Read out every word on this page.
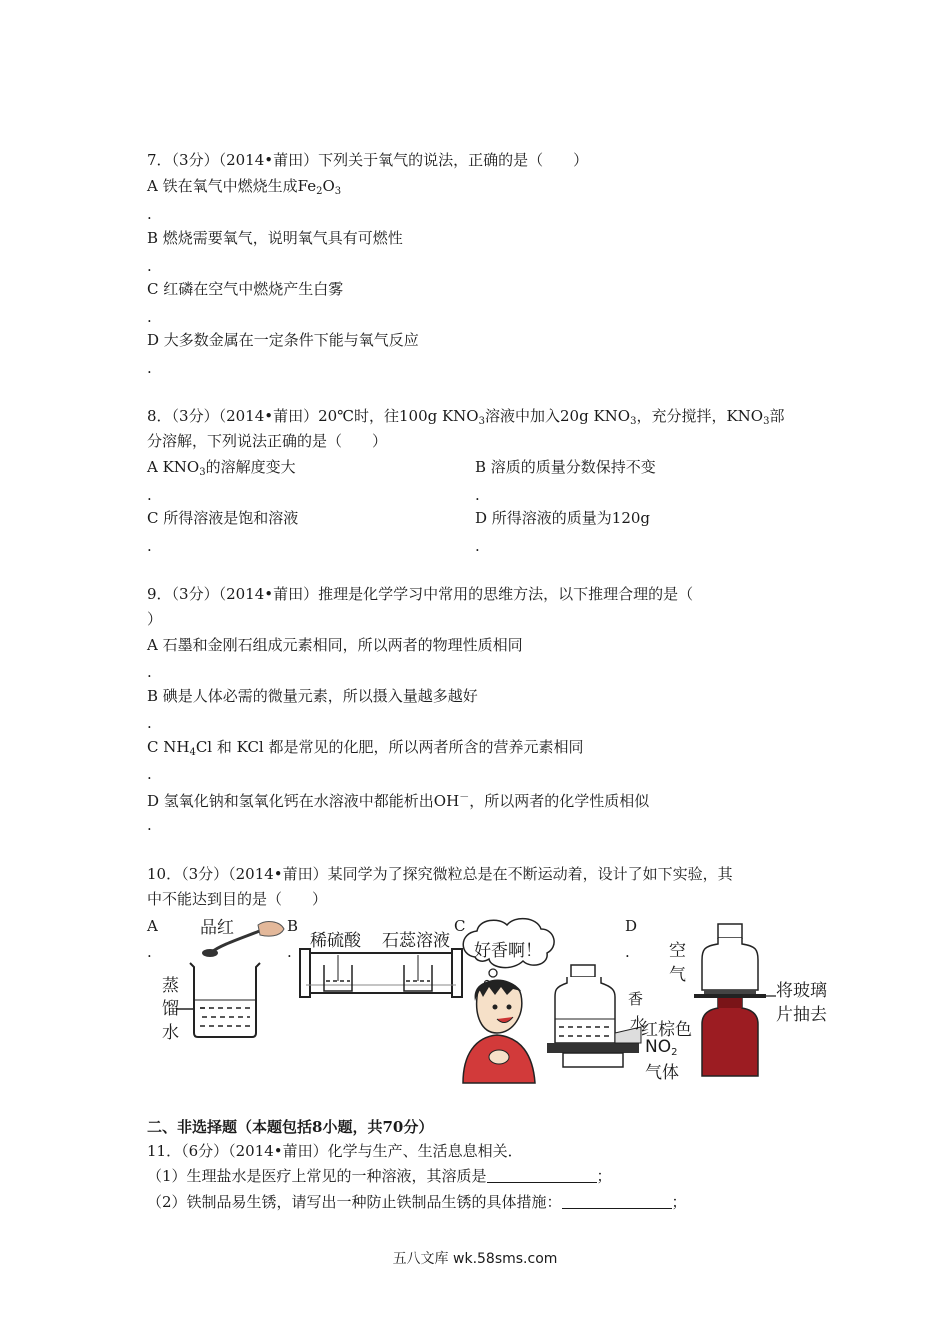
7．（3分）（2014•莆田）下列关于氧气的说法，正确的是（　　）
A 铁在氧气中燃烧生成$Fe_2O_3$
.
B 燃烧需要氧气，说明氧气具有可燃性
.
C 红磷在空气中燃烧产生白雾
.
D 大多数金属在一定条件下能与氧气反应
.
8．（3分）（2014•莆田）20℃时，往100g $KNO_3$溶液中加入20g $KNO_3$，充分搅拌，$KNO_3$部
分溶解，下列说法正确的是（　　）
A $KNO_3$的溶解度变大	B 溶质的质量分数保持不变
.	.
C 所得溶液是饱和溶液	D 所得溶液的质量为120g
.	.
9．（3分）（2014•莆田）推理是化学学习中常用的思维方法，以下推理合理的是（
）
A 石墨和金刚石组成元素相同，所以两者的物理性质相同
.
B 碘是人体必需的微量元素，所以摄入量越多越好
.
C $NH_4Cl$ 和 KCl 都是常见的化肥，所以两者所含的营养元素相同
.
D 氢氧化钠和氢氧化钙在水溶液中都能析出OH－，所以两者的化学性质相似
.
10．（3分）（2014•莆田）某同学为了探究微粒总是在不断运动着，设计了如下实验，其
中不能达到目的是（　　）
A
.
B
.
C	D
.
品红
蒸
馏
水
稀硫酸 石蕊溶液 好香啊！
香
水
空
气
将玻璃
片抽去
红棕色
$NO_2$
气体
二、非选择题（本题包括8小题，共70分）
11．（6分）（2014•莆田）化学与生产、生活息息相关．
（1）生理盐水是医疗上常见的一种溶液，其溶质是	；
（2）铁制品易生锈，请写出一种防止铁制品生锈的具体措施：	；
五八文库 wk.58sms.com
